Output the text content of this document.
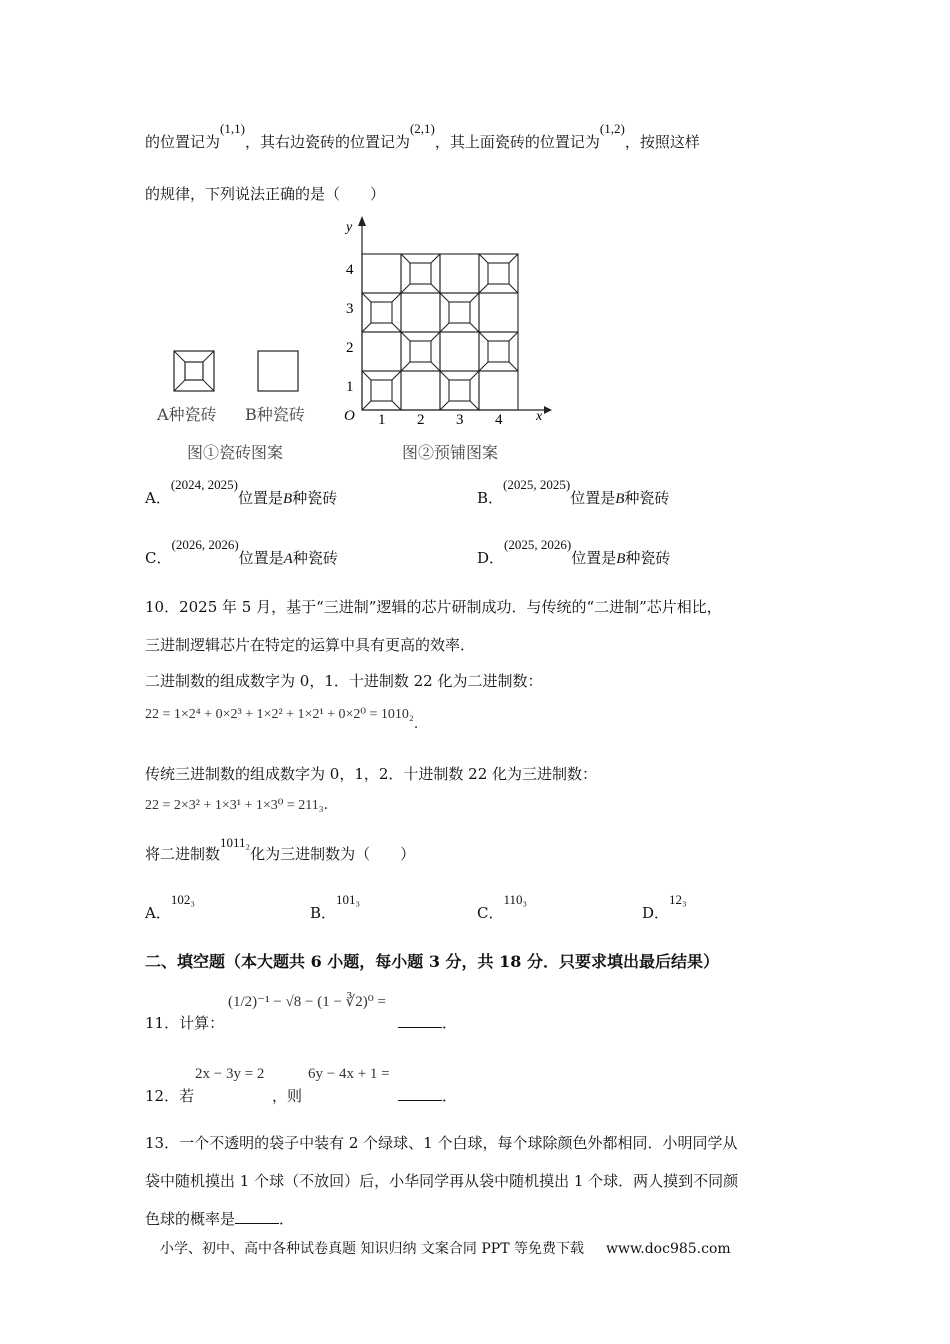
的位置记为(1,1)，其右边瓷砖的位置记为(2,1)，其上面瓷砖的位置记为(1,2)，按照这样
的规律，下列说法正确的是（　　）
A种瓷砖 B种瓷砖
图①瓷砖图案
x
y
O 1 2 3 4
1
2
3
4
图②预铺图案
A．(2024, 2025)位置是B种瓷砖	B．(2025, 2025)位置是B种瓷砖
C．(2026, 2026)位置是A种瓷砖	D．(2025, 2026)位置是B种瓷砖
10．2025 年 5 月，基于“三进制”逻辑的芯片研制成功．与传统的“二进制”芯片相比，
三进制逻辑芯片在特定的运算中具有更高的效率．
二进制数的组成数字为 0，1．十进制数 22 化为二进制数：
22 = 1×2⁴ + 0×2³ + 1×2² + 1×2¹ + 0×2⁰ = 1010₂．
传统三进制数的组成数字为 0，1，2．十进制数 22 化为三进制数：
22 = 2×3² + 1×3¹ + 1×3⁰ = 211₃．
将二进制数1011₂化为三进制数为（　　）
A．102₃
B．101₃
C．110₃
D．12₃
二、填空题（本大题共 6 小题，每小题 3 分，共 18 分．只要求填出最后结果）
11．计算：
(1/2)⁻¹ − √8 − (1 − ∛2)⁰ =
．
12．若
2x − 3y = 2
，则
6y − 4x + 1 =
．
13．一个不透明的袋子中装有 2 个绿球、1 个白球，每个球除颜色外都相同．小明同学从
袋中随机摸出 1 个球（不放回）后，小华同学再从袋中随机摸出 1 个球．两人摸到不同颜
色球的概率是	．
小学、初中、高中各种试卷真题 知识归纳 文案合同 PPT 等免费下载 www.doc985.com
